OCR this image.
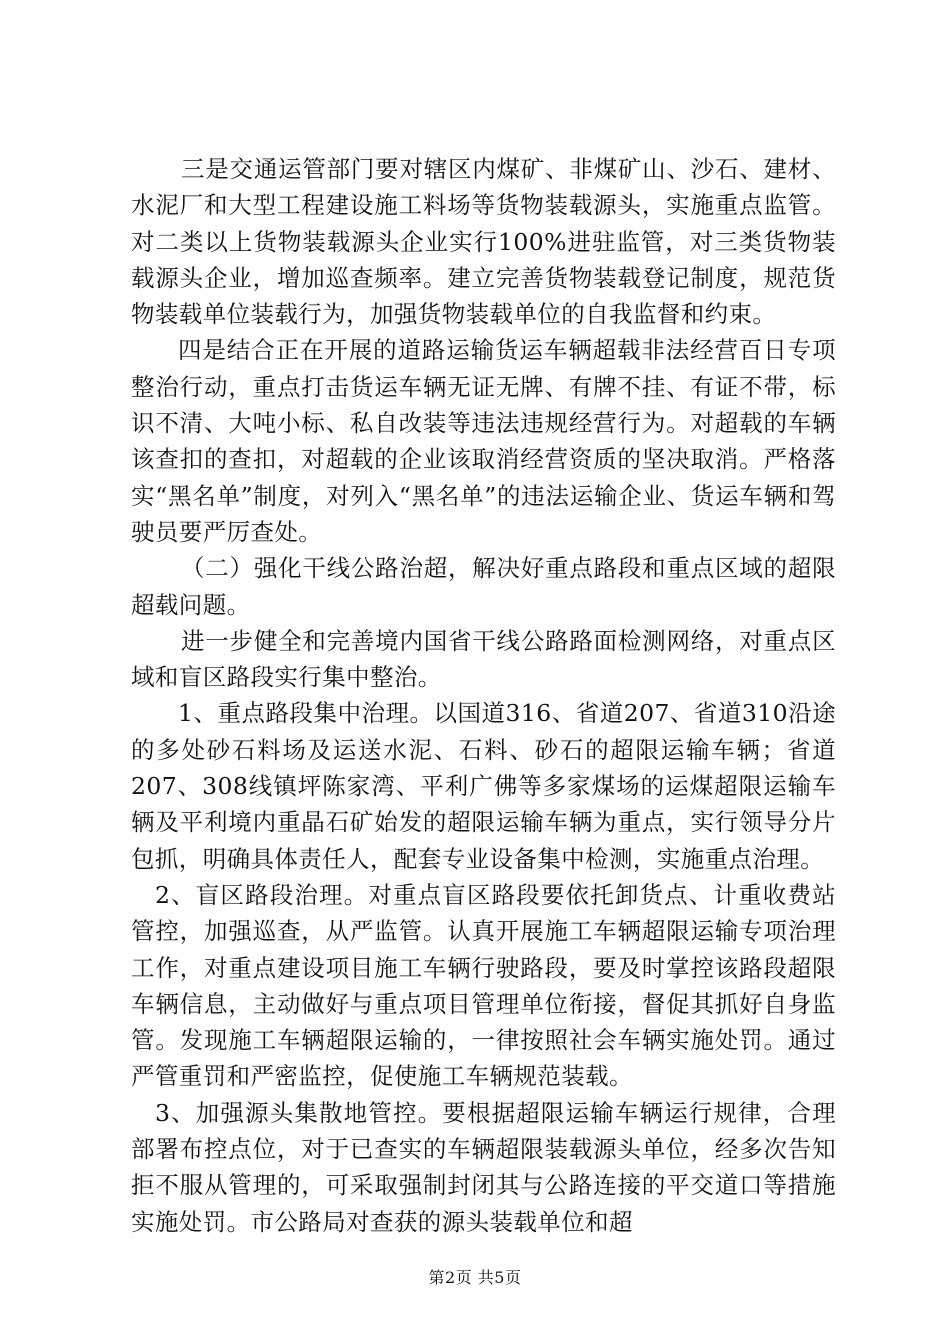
三是交通运管部门要对辖区内煤矿、非煤矿山、沙石、建材、水泥厂和大型工程建设施工料场等货物装载源头，实施重点监管。对二类以上货物装载源头企业实行100%进驻监管，对三类货物装载源头企业，增加巡查频率。建立完善货物装载登记制度，规范货物装载单位装载行为，加强货物装载单位的自我监督和约束。

四是结合正在开展的道路运输货运车辆超载非法经营百日专项整治行动，重点打击货运车辆无证无牌、有牌不挂、有证不带，标识不清、大吨小标、私自改装等违法违规经营行为。对超载的车辆该查扣的查扣，对超载的企业该取消经营资质的坚决取消。严格落实“黑名单”制度，对列入“黑名单”的违法运输企业、货运车辆和驾驶员要严厉查处。

（二）强化干线公路治超，解决好重点路段和重点区域的超限超载问题。

进一步健全和完善境内国省干线公路路面检测网络，对重点区域和盲区路段实行集中整治。

1、重点路段集中治理。以国道316、省道207、省道310沿途的多处砂石料场及运送水泥、石料、砂石的超限运输车辆；省道207、308线镇坪陈家湾、平利广佛等多家煤场的运煤超限运输车辆及平利境内重晶石矿始发的超限运输车辆为重点，实行领导分片包抓，明确具体责任人，配套专业设备集中检测，实施重点治理。

2、盲区路段治理。对重点盲区路段要依托卸货点、计重收费站管控，加强巡查，从严监管。认真开展施工车辆超限运输专项治理工作，对重点建设项目施工车辆行驶路段，要及时掌控该路段超限车辆信息，主动做好与重点项目管理单位衔接，督促其抓好自身监管。发现施工车辆超限运输的，一律按照社会车辆实施处罚。通过严管重罚和严密监控，促使施工车辆规范装载。

3、加强源头集散地管控。要根据超限运输车辆运行规律，合理部署布控点位，对于已查实的车辆超限装载源头单位，经多次告知拒不服从管理的，可采取强制封闭其与公路连接的平交道口等措施实施处罚。市公路局对查获的源头装载单位和超

第2页 共5页
